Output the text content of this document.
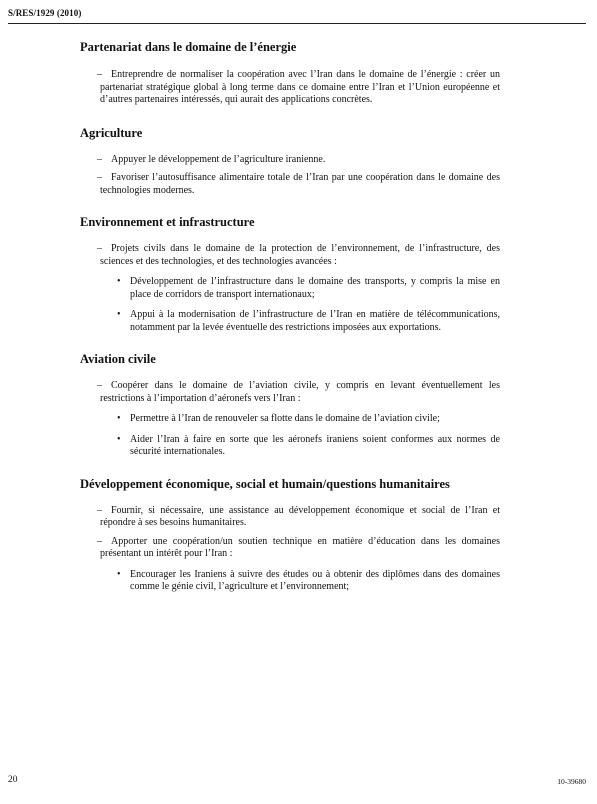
S/RES/1929 (2010)
Partenariat dans le domaine de l’énergie
– Entreprendre de normaliser la coopération avec l’Iran dans le domaine de l’énergie : créer un partenariat stratégique global à long terme dans ce domaine entre l’Iran et l’Union européenne et d’autres partenaires intéressés, qui aurait des applications concrètes.
Agriculture
– Appuyer le développement de l’agriculture iranienne.
– Favoriser l’autosuffisance alimentaire totale de l’Iran par une coopération dans le domaine des technologies modernes.
Environnement et infrastructure
– Projets civils dans le domaine de la protection de l’environnement, de l’infrastructure, des sciences et des technologies, et des technologies avancées :
• Développement de l’infrastructure dans le domaine des transports, y compris la mise en place de corridors de transport internationaux;
• Appui à la modernisation de l’infrastructure de l’Iran en matière de télécommunications, notamment par la levée éventuelle des restrictions imposées aux exportations.
Aviation civile
– Coopérer dans le domaine de l’aviation civile, y compris en levant éventuellement les restrictions à l’importation d’aéronefs vers l’Iran :
• Permettre à l’Iran de renouveler sa flotte dans le domaine de l’aviation civile;
• Aider l’Iran à faire en sorte que les aéronefs iraniens soient conformes aux normes de sécurité internationales.
Développement économique, social et humain/questions humanitaires
– Fournir, si nécessaire, une assistance au développement économique et social de l’Iran et répondre à ses besoins humanitaires.
– Apporter une coopération/un soutien technique en matière d’éducation dans les domaines présentant un intérêt pour l’Iran :
• Encourager les Iraniens à suivre des études ou à obtenir des diplômes dans des domaines comme le génie civil, l’agriculture et l’environnement;
20	10-39680
